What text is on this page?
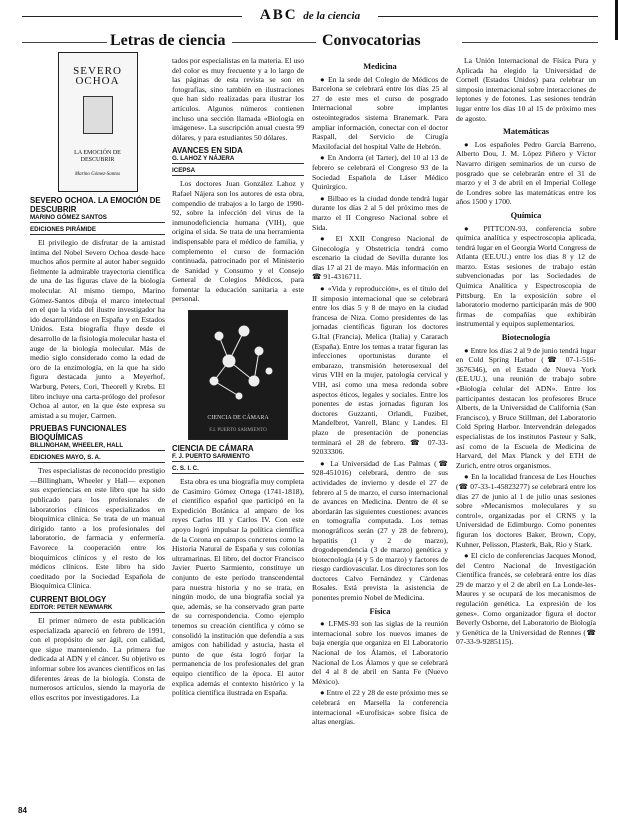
ABC de la ciencia
Letras de ciencia	Convocatorias
SEVERO OCHOA
LA EMOCIÓN DE DESCUBRIR
Marino Gómez-Santos
SEVERO OCHOA. LA EMOCIÓN DE DESCUBRIR
MARINO GÓMEZ SANTOS
EDICIONES PIRÁMIDE

El privilegio de disfrutar de la amistad íntima del Nobel Severo Ochoa desde hace muchos años permite al autor haber seguido fielmente la admirable trayectoria científica de una de las figuras clave de la biología molecular. Al mismo tiempo, Marino Gómez-Santos dibuja el marco intelectual en el que la vida del ilustre investigador ha ido desarrollándose en España y en Estados Unidos. Esta biografía fluye desde el desarrollo de la fisiología molecular hasta el auge de la biología molecular. Más de medio siglo considerado como la edad de oro de la enzimología, en la que ha sido figura destacada junto a Meyerhof, Warburg, Peters, Cori, Theorell y Krebs. El libro incluye una carta-prólogo del profesor Ochoa al autor, en la que éste expresa su amistad a su mujer, Carmen.

PRUEBAS FUNCIONALES BIOQUÍMICAS
BILLINGHAM, WHEELER, HALL
EDICIONES MAYO, S. A.

Tres especialistas de reconocido prestigio —Billingham, Wheeler y Hall— exponen sus experiencias en este libro que ha sido publicado para los profesionales de laboratorios clínicos especializados en bioquímica clínica. Se trata de un manual dirigido tanto a los profesionales del laboratorio, de farmacia y enfermería. Favorece la cooperación entre los bioquímicos clínicos y el resto de los médicos clínicos. Este libro ha sido coeditado por la Sociedad Española de Bioquímica Clínica.

CURRENT BIOLOGY
EDITOR: PETER NEWMARK

El primer número de esta publicación especializada apareció en febrero de 1991, con el propósito de ser ágil, con calidad, que sigue manteniendo. La primera fue dedicada al ADN y el cáncer. Su objetivo es informar sobre los avances científicos en las diferentes áreas de la biología. Consta de numerosos artículos, siendo la mayoría de ellos escritos por investigadores. La

tados por especialistas en la materia. El uso del color es muy frecuente y a lo largo de las páginas de esta revista se son en fotografías, sino también en ilustraciones que han sido realizadas para ilustrar los artículos. Algunos números contienen incluso una sección llamada «Biología en imágenes». La suscripción anual cuesta 99 dólares, y para estudiantes 50 dólares.

AVANCES EN SIDA
G. LAHOZ Y NÁJERA
ICEPSA

Los doctores Juan González Lahoz y Rafael Nájera son los autores de esta obra, compendio de trabajos a lo largo de 1990-92, sobre la infección del virus de la inmunodeficiencia humana (VIH), que origina el sida. Se trata de una herramienta indispensable para el médico de familia, y complemento el curso de formación continuada, patrocinado por el Ministerio de Sanidad y Consumo y el Consejo General de Colegios Médicos, para fomentar la educación sanitaria a este personal.

CIENCIA DE CÁMARA
F.J. PUERTO SARMIENTO
CIENCIA DE CÁMARA
F. J. PUERTO SARMIENTO
C. S. I. C.

Esta obra es una biografía muy completa de Casimiro Gómez Ortega (1741-1818), el científico español que participó en la Expedición Botánica al amparo de los reyes Carlos III y Carlos IV. Con este apoyo logró impulsar la política científica de la Corona en campos concretos como la Historia Natural de España y sus colonias ultramarinas. El libro, del doctor Francisco Javier Puerto Sarmiento, constituye un conjunto de este período transcendental para nuestra historia y no se trata, en ningún modo, de una biografía social ya que, además, se ha conservado gran parte de su correspondencia. Como ejemplo tenemos su creación científica y cómo se consolidó la institución que defendía a sus amigos con habilidad y astucia, hasta el punto de que ésta logró forjar la permanencia de los profesionales del gran equipo científico de la época. El autor explica además el contexto histórico y la política científica ilustrada en España.

Medicina

● En la sede del Colegio de Médicos de Barcelona se celebrará entre los días 25 al 27 de este mes el curso de posgrado Internacional sobre implantes osteointegrados sistema Branemark. Para ampliar información, conectar con el doctor Raspall, del Servicio de Cirugía Maxilofacial del hospital Valle de Hebrón.

● En Andorra (el Tarter), del 10 al 13 de febrero se celebrará el Congreso 93 de la Sociedad Española de Láser Médico Quirúrgico.

● Bilbao es la ciudad donde tendrá lugar durante los días 2 al 5 del próximo mes de marzo el II Congreso Nacional sobre el Sida.

● El XXII Congreso Nacional de Ginecología y Obstetricia tendrá como escenario la ciudad de Sevilla durante los días 17 al 21 de mayo. Más información en ☎ 91-4316711.

● «Vida y reproducción», es el título del II simposio internacional que se celebrará entre los días 5 y 8 de mayo en la ciudad francesa de Niza. Como presidentes de las jornadas científicas figuran los doctores G.Ital (Francia), Melica (Italia) y Cararach (España). Entre los temas a tratar figuran las infecciones oportunistas durante el embarazo, transmisión heterosexual del virus VIH en la mujer, patología cervical y VIH, así como una mesa redonda sobre aspectos éticos, legales y sociales. Entre los ponentes de estas jornadas figuran los doctores Guzzanti, Orlandi, Fuzibet, Mandelbrot, Vanrell, Blanc y Landes. El plazo de presentación de ponencias terminará el 28 de febrero. ☎ 07-33-92033306.

● La Universidad de Las Palmas (☎ 928-451016) celebrará, dentro de sus actividades de invierno y desde el 27 de febrero al 5 de marzo, el curso internacional de avances en Medicina. Dentro de él se abordarán las siguientes cuestiones: avances en tomografía computada. Los temas monográficos serán (27 y 28 de febrero), hepatitis (1 y 2 de marzo), drogodependencia (3 de marzo) genética y biotecnología (4 y 5 de marzo) y factores de riesgo cardiovascular. Los directores son los doctores Calvo Fernández y Cárdenas Rosales. Está prevista la asistencia de ponentes premio Nobel de Medicina.

Física

● LFMS-93 son las siglas de la reunión internacional sobre los nuevos imanes de baja energía que organiza en El Laboratorio Nacional de los Álamos, el Laboratorio Nacional de Los Álamos y que se celebrará del 4 al 8 de abril en Santa Fe (Nuevo México).

● Entre el 22 y 28 de este próximo mes se celebrará en Marsella la conferencia internacional «Eurofísica» sobre física de altas energías.

La Unión Internacional de Física Pura y Aplicada ha elegido la Universidad de Cornell (Estados Unidos) para celebrar un simposio internacional sobre interacciones de leptones y de fotones. Las sesiones tendrán lugar entre los días 10 al 15 de próximo mes de agosto.

Matemáticas

● Los españoles Pedro García Barreno, Alberto Dou, J. M. López Piñero y Víctor Navarro dirigen seminarios de un curso de posgrado que se celebrarán entre el 31 de marzo y el 3 de abril en el Imperial College de Londres sobre las matemáticas entre los años 1500 y 1700.

Química

● PITTCON-93, conferencia sobre química analítica y espectroscopia aplicada, tendrá lugar en el Georgia World Congress de Atlanta (EE.UU.) entre los días 8 y 12 de marzo. Estas sesiones de trabajo están subvencionadas por las Sociedades de Química Analítica y Espectroscopia de Pittsburg. En la exposición sobre el laboratorio moderno participarán más de 900 firmas de compañías que exhibirán instrumental y equipos suplementarios.

Biotecnología

● Entre los días 2 al 9 de junio tendrá lugar en Cold Spring Harbor (☎ 07-1-516-3676346), en el Estado de Nueva York (EE.UU.), una reunión de trabajo sobre «Biología celular del ADN». Entre los participantes destacan los profesores Bruce Alberts, de la Universidad de California (San Francisco), y Bruce Stillman, del Laboratorio Cold Spring Harbor. Intervendrán delegados especialistas de los institutos Pasteur y Salk, así como de la Escuela de Medicina de Harvard, del Max Planck y del ETH de Zurich, entre otros organismos.

● En la localidad francesa de Les Houches (☎ 07-33-1-45823277) se celebrará entre los días 27 de junio al 1 de julio unas sesiones sobre «Mecanismos moleculares y su control», organizadas por el CRNS y la Universidad de Edimburgo. Como ponentes figuran los doctores Baker, Brown, Copy, Kuhner, Pelisson, Plasterk, Bak, Rio y Stark.

● El ciclo de conferencias Jacques Monod, del Centro Nacional de Investigación Científica francés, se celebrará entre los días 29 de marzo y el 2 de abril en La Londe-les-Maures y se ocupará de los mecanismos de regulación genética. La expresión de los genes». Como organizador figura el doctor Beverly Osborne, del Laboratorio de Biología y Genética de la Universidad de Rennes (☎ 07-33-9-9285115).

84
